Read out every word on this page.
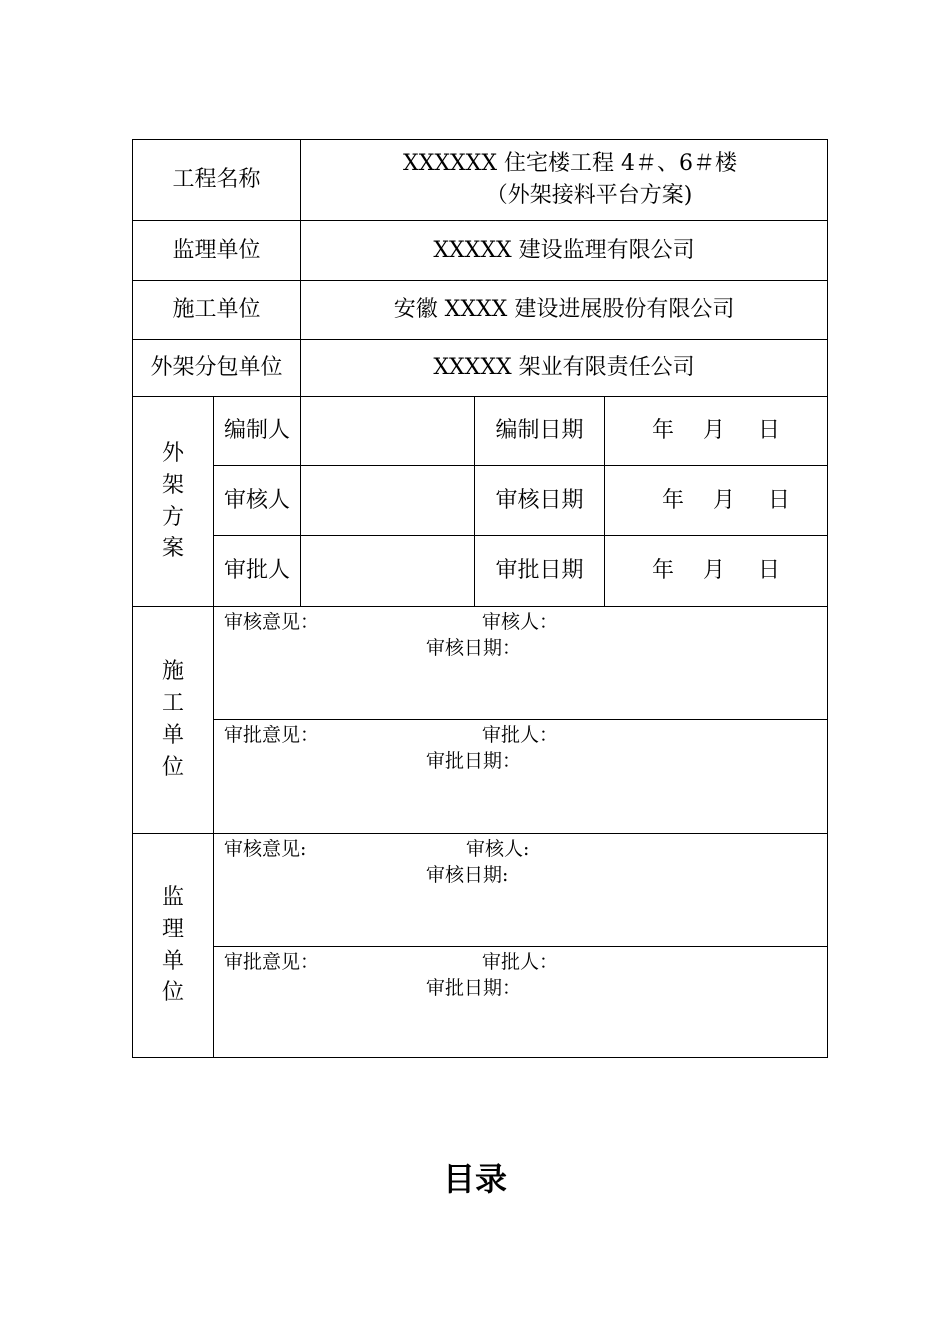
工程名称		XXXXXX 住宅楼工程 4＃、6＃楼
（外架接料平台方案)		

监理单位		XXXXX 建设监理有限公司		
施工单位		安徽 XXXX 建设进展股份有限公司		
外架分包单位		XXXXX 架业有限责任公司		

外
架
方
案	编制人		编制日期	年 月 日
	审核人		审核日期	年 月 日
	审批人		审批日期	年 月 日

施
工
单
位	审核意见： 审核人：
审核日期：			

	审批意见： 审批人：
审批日期：			

监
理
单
位	审核意见: 审核人:
审核日期:			

	审批意见： 审批人：
审批日期：			
目录
